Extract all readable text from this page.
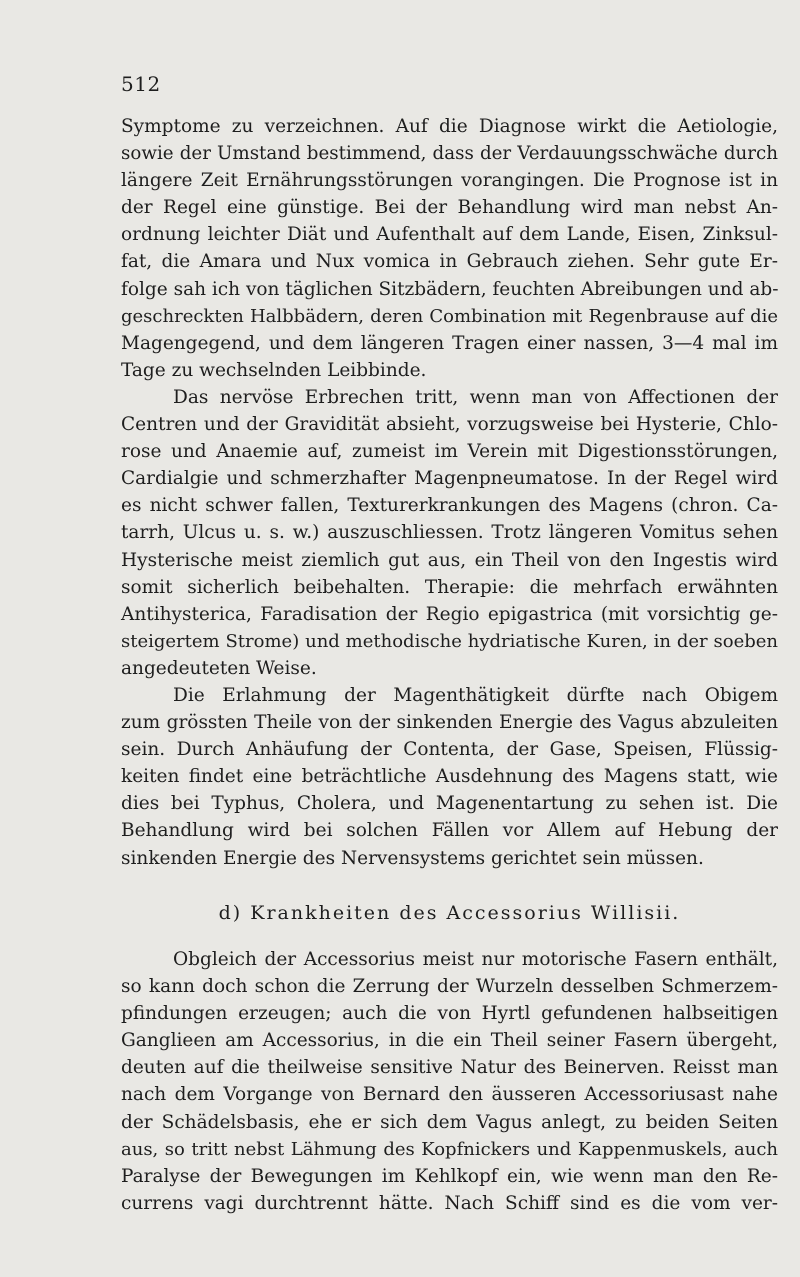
512
Symptome zu verzeichnen. Auf die Diagnose wirkt die Aetiologie,
sowie der Umstand bestimmend, dass der Verdauungsschwäche durch
längere Zeit Ernährungsstörungen vorangingen. Die Prognose ist in
der Regel eine günstige. Bei der Behandlung wird man nebst An-
ordnung leichter Diät und Aufenthalt auf dem Lande, Eisen, Zinksul-
fat, die Amara und Nux vomica in Gebrauch ziehen. Sehr gute Er-
folge sah ich von täglichen Sitzbädern, feuchten Abreibungen und ab-
geschreckten Halbbädern, deren Combination mit Regenbrause auf die
Magengegend, und dem längeren Tragen einer nassen, 3—4 mal im
Tage zu wechselnden Leibbinde.
Das nervöse Erbrechen tritt, wenn man von Affectionen der
Centren und der Gravidität absieht, vorzugsweise bei Hysterie, Chlo-
rose und Anaemie auf, zumeist im Verein mit Digestionsstörungen,
Cardialgie und schmerzhafter Magenpneumatose. In der Regel wird
es nicht schwer fallen, Texturerkrankungen des Magens (chron. Ca-
tarrh, Ulcus u. s. w.) auszuschliessen. Trotz längeren Vomitus sehen
Hysterische meist ziemlich gut aus, ein Theil von den Ingestis wird
somit sicherlich beibehalten. Therapie: die mehrfach erwähnten
Antihysterica, Faradisation der Regio epigastrica (mit vorsichtig ge-
steigertem Strome) und methodische hydriatische Kuren, in der soeben
angedeuteten Weise.
Die Erlahmung der Magenthätigkeit dürfte nach Obigem
zum grössten Theile von der sinkenden Energie des Vagus abzuleiten
sein. Durch Anhäufung der Contenta, der Gase, Speisen, Flüssig-
keiten findet eine beträchtliche Ausdehnung des Magens statt, wie
dies bei Typhus, Cholera, und Magenentartung zu sehen ist. Die
Behandlung wird bei solchen Fällen vor Allem auf Hebung der
sinkenden Energie des Nervensystems gerichtet sein müssen.
d) Krankheiten des Accessorius Willisii.
Obgleich der Accessorius meist nur motorische Fasern enthält,
so kann doch schon die Zerrung der Wurzeln desselben Schmerzem-
pfindungen erzeugen; auch die von Hyrtl gefundenen halbseitigen
Ganglieen am Accessorius, in die ein Theil seiner Fasern übergeht,
deuten auf die theilweise sensitive Natur des Beinerven. Reisst man
nach dem Vorgange von Bernard den äusseren Accessoriusast nahe
der Schädelsbasis, ehe er sich dem Vagus anlegt, zu beiden Seiten
aus, so tritt nebst Lähmung des Kopfnickers und Kappenmuskels, auch
Paralyse der Bewegungen im Kehlkopf ein, wie wenn man den Re-
currens vagi durchtrennt hätte. Nach Schiff sind es die vom ver-
